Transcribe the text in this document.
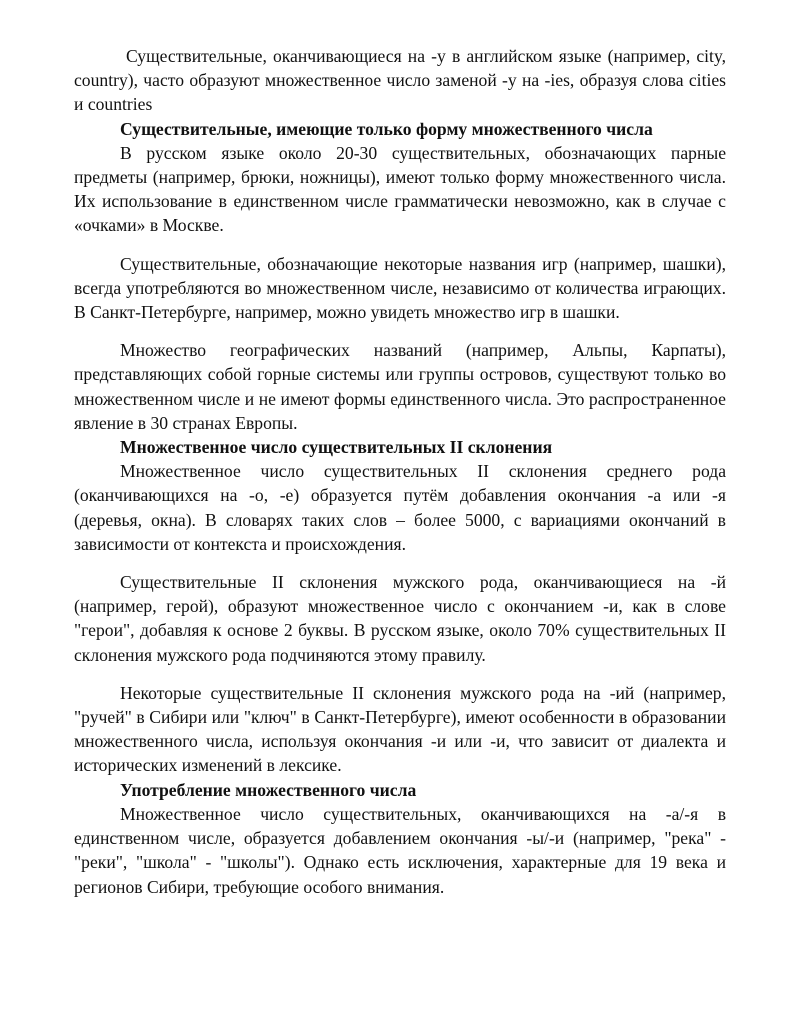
Существительные, оканчивающиеся на -у в английском языке (например, city, country), часто образуют множественное число заменой -у на -ies, образуя слова cities и countries

Существительные, имеющие только форму множественного числа

В русском языке около 20-30 существительных, обозначающих парные предметы (например, брюки, ножницы), имеют только форму множественного числа. Их использование в единственном числе грамматически невозможно, как в случае с «очками» в Москве.

Существительные, обозначающие некоторые названия игр (например, шашки), всегда употребляются во множественном числе, независимо от количества играющих. В Санкт-Петербурге, например, можно увидеть множество игр в шашки.

Множество географических названий (например, Альпы, Карпаты), представляющих собой горные системы или группы островов, существуют только во множественном числе и не имеют формы единственного числа. Это распространенное явление в 30 странах Европы.

Множественное число существительных II склонения

Множественное число существительных II склонения среднего рода (оканчивающихся на -о, -е) образуется путём добавления окончания -а или -я (деревья, окна). В словарях таких слов – более 5000, с вариациями окончаний в зависимости от контекста и происхождения.

Существительные II склонения мужского рода, оканчивающиеся на -й (например, герой), образуют множественное число с окончанием -и, как в слове "герои", добавляя к основе 2 буквы. В русском языке, около 70% существительных II склонения мужского рода подчиняются этому правилу.

Некоторые существительные II склонения мужского рода на -ий (например, "ручей" в Сибири или "ключ" в Санкт-Петербурге), имеют особенности в образовании множественного числа, используя окончания -и или -и, что зависит от диалекта и исторических изменений в лексике.

Употребление множественного числа

Множественное число существительных, оканчивающихся на -а/-я в единственном числе, образуется добавлением окончания -ы/-и (например, "река" - "реки", "школа" - "школы"). Однако есть исключения, характерные для 19 века и регионов Сибири, требующие особого внимания.
